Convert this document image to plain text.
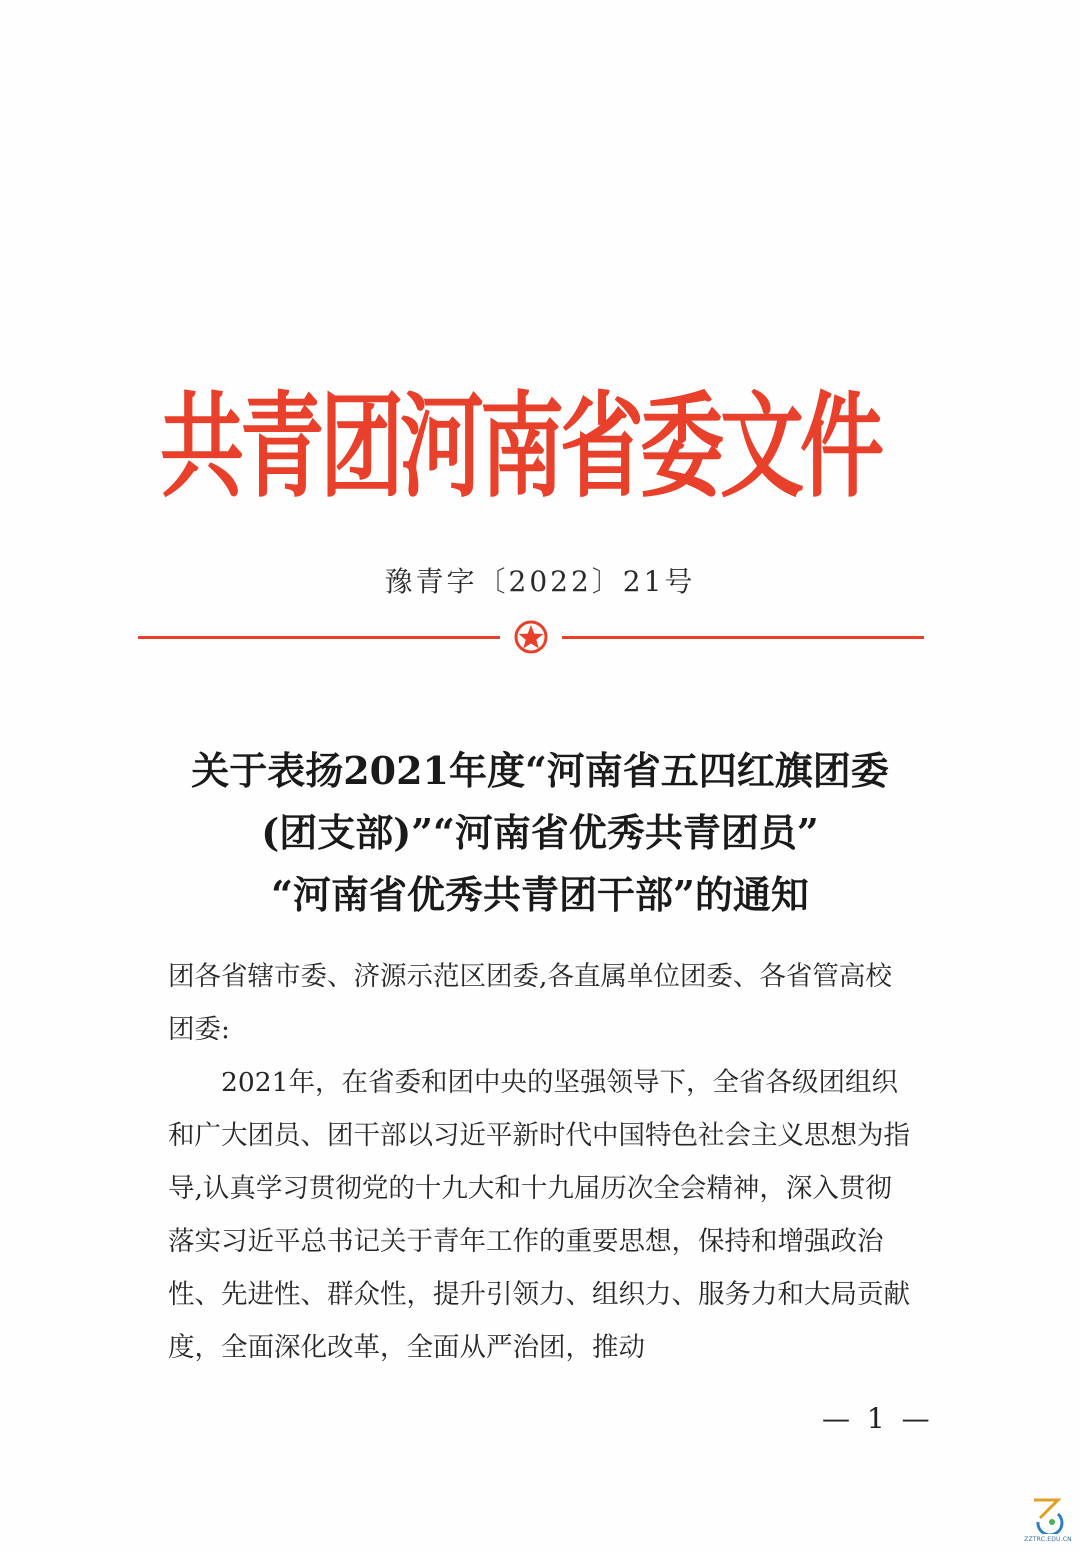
共青团河南省委文件
豫青字〔2022〕21号
关于表扬2021年度“河南省五四红旗团委
(团支部)”“河南省优秀共青团员”
“河南省优秀共青团干部”的通知

团各省辖市委、济源示范区团委,各直属单位团委、各省管高校团委:

2021年，在省委和团中央的坚强领导下，全省各级团组织和广大团员、团干部以习近平新时代中国特色社会主义思想为指导,认真学习贯彻党的十九大和十九届历次全会精神，深入贯彻落实习近平总书记关于青年工作的重要思想，保持和增强政治性、先进性、群众性，提升引领力、组织力、服务力和大局贡献度，全面深化改革，全面从严治团，推动

— 1 —
ZZTRC.EDU.CN
